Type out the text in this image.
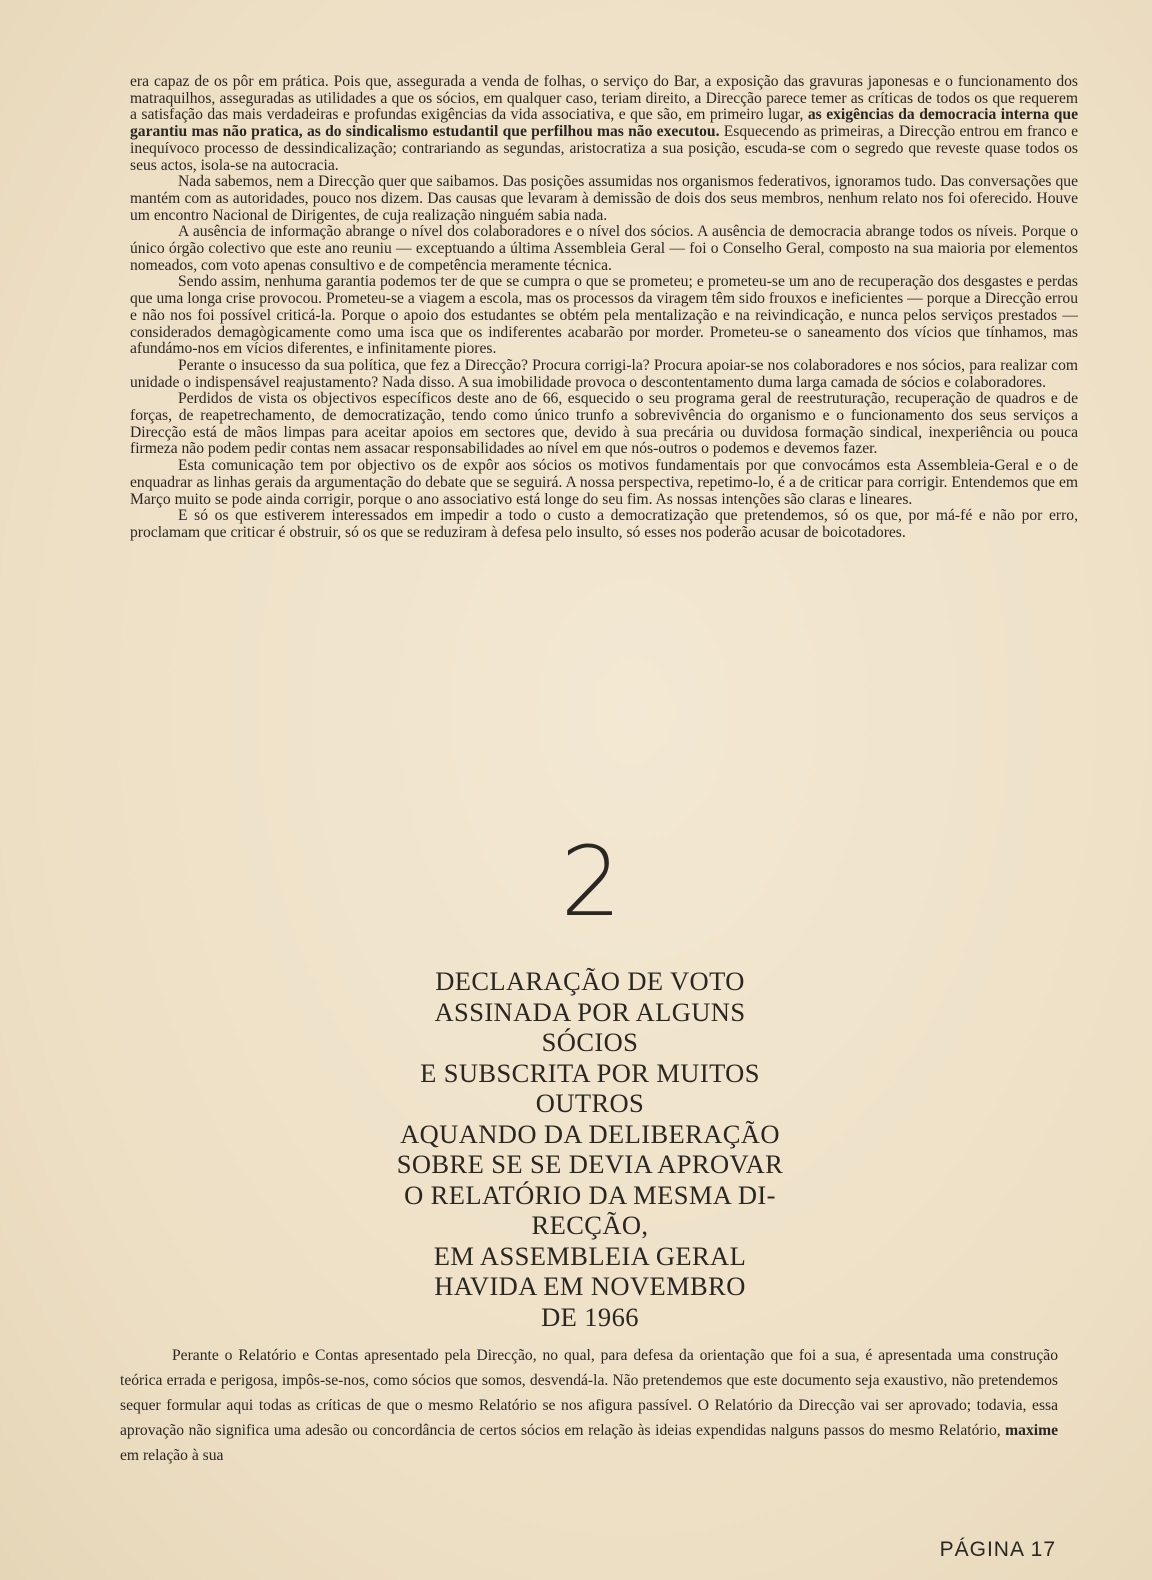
era capaz de os pôr em prática. Pois que, assegurada a venda de folhas, o serviço do Bar, a exposição das gravuras japonesas e o funcionamento dos matraquilhos, asseguradas as utilidades a que os sócios, em qualquer caso, teriam direito, a Direcção parece temer as críticas de todos os que requerem a satisfação das mais verdadeiras e profundas exigências da vida associativa, e que são, em primeiro lugar, as exigências da democracia interna que garantiu mas não pratica, as do sindicalismo estudantil que perfilhou mas não executou. Esquecendo as primeiras, a Direcção entrou em franco e inequívoco processo de dessindicalização; contrariando as segundas, aristocratiza a sua posição, escuda-se com o segredo que reveste quase todos os seus actos, isola-se na autocracia.

Nada sabemos, nem a Direcção quer que saibamos. Das posições assumidas nos organismos federativos, ignoramos tudo. Das conversações que mantém com as autoridades, pouco nos dizem. Das causas que levaram à demissão de dois dos seus membros, nenhum relato nos foi oferecido. Houve um encontro Nacional de Dirigentes, de cuja realização ninguém sabia nada.

A ausência de informação abrange o nível dos colaboradores e o nível dos sócios. A ausência de democracia abrange todos os níveis. Porque o único órgão colectivo que este ano reuniu — exceptuando a última Assembleia Geral — foi o Conselho Geral, composto na sua maioria por elementos nomeados, com voto apenas consultivo e de competência meramente técnica.

Sendo assim, nenhuma garantia podemos ter de que se cumpra o que se prometeu; e prometeu-se um ano de recuperação dos desgastes e perdas que uma longa crise provocou. Prometeu-se a viagem a escola, mas os processos da viragem têm sido frouxos e ineficientes — porque a Direcção errou e não nos foi possível criticá-la. Porque o apoio dos estudantes se obtém pela mentalização e na reivindicação, e nunca pelos serviços prestados — considerados demagògicamente como uma isca que os indiferentes acabarão por morder. Prometeu-se o saneamento dos vícios que tínhamos, mas afundámo-nos em vícios diferentes, e infinitamente piores.

Perante o insucesso da sua política, que fez a Direcção? Procura corrigi-la? Procura apoiar-se nos colaboradores e nos sócios, para realizar com unidade o indispensável reajustamento? Nada disso. A sua imobilidade provoca o descontentamento duma larga camada de sócios e colaboradores.

Perdidos de vista os objectivos específicos deste ano de 66, esquecido o seu programa geral de reestruturação, recuperação de quadros e de forças, de reapetrechamento, de democratização, tendo como único trunfo a sobrevivência do organismo e o funcionamento dos seus serviços a Direcção está de mãos limpas para aceitar apoios em sectores que, devido à sua precária ou duvidosa formação sindical, inexperiência ou pouca firmeza não podem pedir contas nem assacar responsabilidades ao nível em que nós-outros o podemos e devemos fazer.

Esta comunicação tem por objectivo os de expôr aos sócios os motivos fundamentais por que convocámos esta Assembleia-Geral e o de enquadrar as linhas gerais da argumentação do debate que se seguirá. A nossa perspectiva, repetimo-lo, é a de criticar para corrigir. Entendemos que em Março muito se pode ainda corrigir, porque o ano associativo está longe do seu fim. As nossas intenções são claras e lineares.

E só os que estiverem interessados em impedir a todo o custo a democratização que pretendemos, só os que, por má-fé e não por erro, proclamam que criticar é obstruir, só os que se reduziram à defesa pelo insulto, só esses nos poderão acusar de boicotadores.

2
DECLARAÇÃO DE VOTO
ASSINADA POR ALGUNS
SÓCIOS
E SUBSCRITA POR MUITOS
OUTROS
AQUANDO DA DELIBERAÇÃO
SOBRE SE SE DEVIA APROVAR
O RELATÓRIO DA MESMA DI-
RECÇÃO,
EM ASSEMBLEIA GERAL
HAVIDA EM NOVEMBRO
DE 1966

Perante o Relatório e Contas apresentado pela Direcção, no qual, para defesa da orientação que foi a sua, é apresentada uma construção teórica errada e perigosa, impôs-se-nos, como sócios que somos, desvendá-la. Não pretendemos que este documento seja exaustivo, não pretendemos sequer formular aqui todas as críticas de que o mesmo Relatório se nos afigura passível. O Relatório da Direcção vai ser aprovado; todavia, essa aprovação não significa uma adesão ou concordância de certos sócios em relação às ideias expendidas nalguns passos do mesmo Relatório, maxime em relação à sua

PÁGINA 17
